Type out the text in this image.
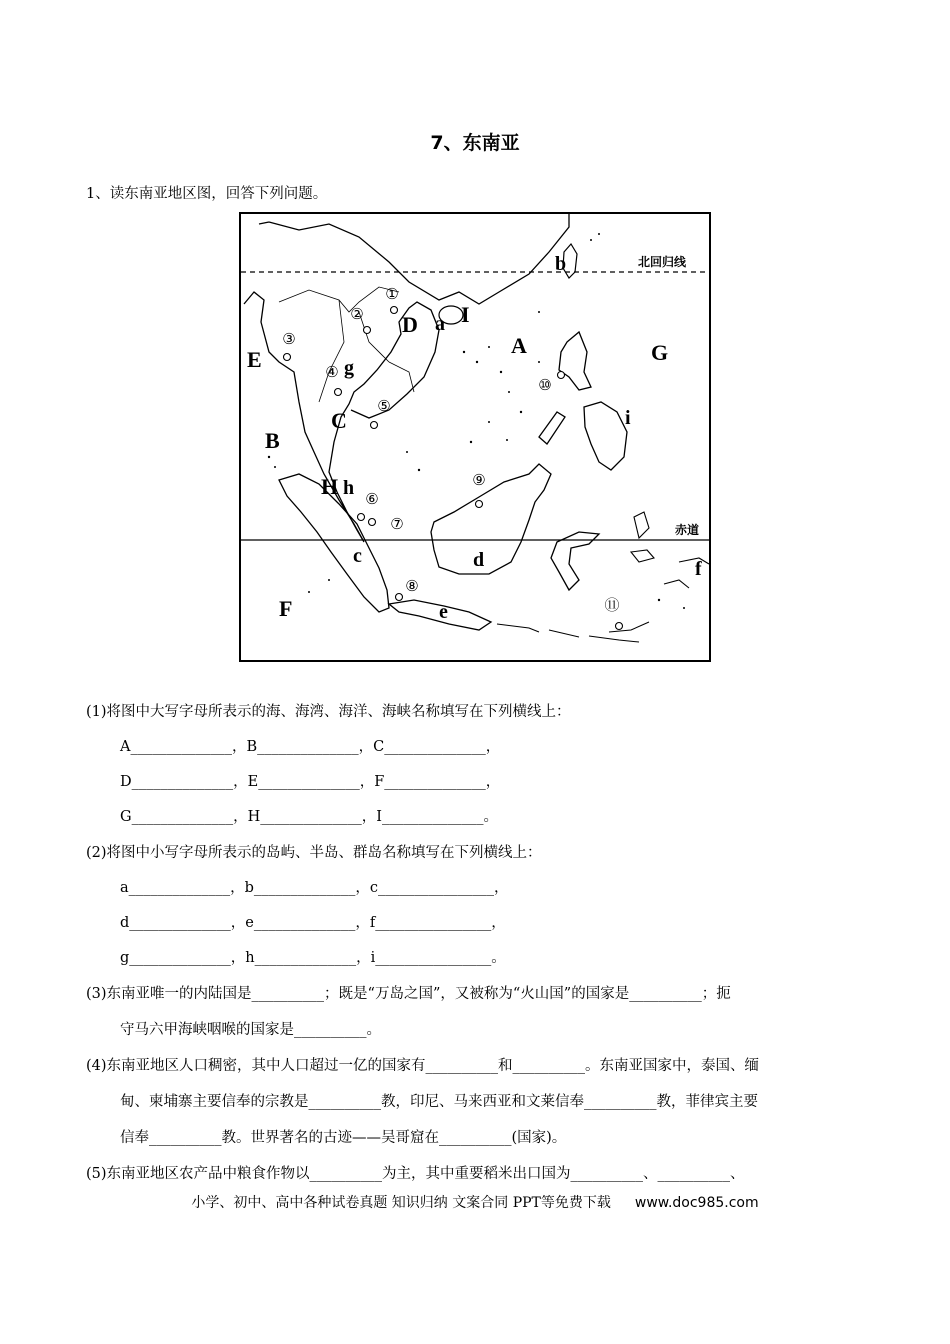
7、东南亚
1、读东南亚地区图，回答下列问题。
①
②
③
④
⑤
⑥
⑦
⑧
⑨
⑩
⑪
A
B
C
D
E
F
G
H
I
a
b
c	d
e
f
g
h
i
北回归线
赤道
(1)将图中大写字母所表示的海、海湾、海洋、海峡名称填写在下列横线上：
A______________，B______________，C______________，
D______________，E______________，F______________，
G______________，H______________，I______________。
(2)将图中小写字母所表示的岛屿、半岛、群岛名称填写在下列横线上：
a______________，b______________，c________________，
d______________，e______________，f________________，
g______________，h______________，i________________。
(3)东南亚唯一的内陆国是__________；既是“万岛之国”，又被称为“火山国”的国家是__________；扼
守马六甲海峡咽喉的国家是__________。
(4)东南亚地区人口稠密，其中人口超过一亿的国家有__________和__________。东南亚国家中，泰国、缅
甸、柬埔寨主要信奉的宗教是__________教，印尼、马来西亚和文莱信奉__________教，菲律宾主要
信奉__________教。世界著名的古迹——吴哥窟在__________(国家)。
(5)东南亚地区农产品中粮食作物以__________为主，其中重要稻米出口国为__________、__________、
小学、初中、高中各种试卷真题 知识归纳 文案合同 PPT等免费下载 www.doc985.com
